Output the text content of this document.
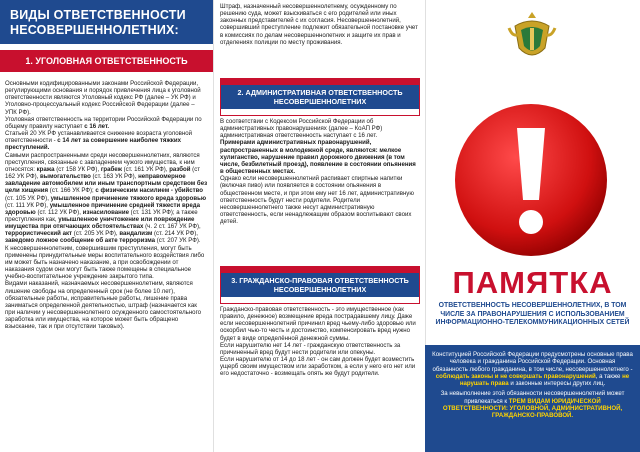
ВИДЫ ОТВЕТСТВЕННОСТИ
НЕСОВЕРШЕННОЛЕТНИХ:
1. УГОЛОВНАЯ ОТВЕТСТВЕННОСТЬ

Основными кодифицированными законами Российской Федерации, регулирующими основания и порядок привлечения лица к уголовной ответственности являются Уголовный кодекс РФ (далее – УК РФ) и Уголовно-процессуальный кодекс Российской Федерации (далее – УПК РФ).

Уголовная ответственность на территории Российской Федерации по общему правилу наступает с 16 лет.

Статьей 20 УК РФ устанавливается снижение возраста уголовной ответственности - с 14 лет за совершение наиболее тяжких преступлений.

Самыми распространенными среди несовершеннолетних, являются преступления, связанные с завладением чужого имущества, к ним относятся: кража (ст 158 УК РФ), грабеж (ст. 161 УК РФ), разбой (ст 162 УК РФ), вымогательство (ст. 163 УК РФ), неправомерное завладение автомобилем или иным транспортным средством без цели хищения (ст. 166 УК РФ); с физическим насилием - убийство (ст. 105 УК РФ), умышленное причинение тяжкого вреда здоровью (ст. 111 УК РФ), умышленное причинение средней тяжести вреда здоровью (ст. 112 УК РФ), изнасилование (ст. 131 УК РФ); а также преступления как, умышленное уничтожение или повреждение имущества при отягчающих обстоятельствах (ч. 2 ст. 167 УК РФ), террористический акт (ст. 205 УК РФ), вандализм (ст. 214 УК РФ), заведомо ложное сообщение об акте терроризма (ст. 207 УК РФ).

К несовершеннолетним, совершившим преступления, могут быть применены принудительные меры воспитательного воздействия либо им может быть назначено наказание, а при освобождении от наказания судом они могут быть также помещены в специальное учебно-воспитательное учреждение закрытого типа.

Видами наказаний, назначаемых несовершеннолетним, являются лишение свободы на определенный срок (не более 10 лет), обязательные работы, исправительные работы, лишение права заниматься определенной деятельностью, штраф (назначается как при наличии у несовершеннолетнего осужденного самостоятельного заработка или имущества, на которое может быть обращено взыскание, так и при отсутствии таковых).

Штраф, назначенный несовершеннолетнему, осужденному по решению суда, может взыскиваться с его родителей или иных законных представителей с их согласия. Несовершеннолетний, совершивший преступление подлежит обязательной постановке учет в комиссиях по делам несовершеннолетних и защите их прав и отделениях полиции по месту проживания.
2. АДМИНИСТРАТИВНАЯ ОТВЕТСТВЕННОСТЬ НЕСОВЕРШЕННОЛЕТНИХ

В соответствии с Кодексом Российской Федерации об административных правонарушениях (далее – КоАП РФ) административная ответственность наступает с 16 лет.

Примерами административных правонарушений, распространенных в молодежной среде, являются: мелкое хулиганство, нарушение правил дорожного движения (в том числе, безбилетный проезд), появление в состоянии опьянения в общественных местах.

Однако если несовершеннолетний распивает спиртные напитки (включая пиво) или появляется в состоянии опьянения в общественном месте, и при этом ему нет 16 лет, административную ответственность будут нести родители. Родители несовершеннолетнего также несут административную ответственность, если ненадлежащим образом воспитывают своих детей.

3. ГРАЖДАНСКО-ПРАВОВАЯ ОТВЕТСТВЕННОСТЬ НЕСОВЕРШЕННОЛЕТНИХ

Гражданско-правовая ответственность - это имущественное (как правило, денежное) возмещение вреда пострадавшему лицу. Даже если несовершеннолетний причинил вред чьему-либо здоровью или оскорбил чью-то честь и достоинство, компенсировать вред нужно будет в виде определённой денежной суммы.

Если нарушителю нет 14 лет - гражданскую ответственность за причиненный вред будут нести родители или опекуны.

Если нарушителю от 14 до 18 лет - он сам должен будет возместить ущерб своим имуществом или заработком, а если у него его нет или его недостаточно - возмещать опять же будут родители.

ПАМЯТКА
ОТВЕТСТВЕННОСТЬ НЕСОВЕРШЕННОЛЕТНИХ, В ТОМ ЧИСЛЕ ЗА ПРАВОНАРУШЕНИЯ С ИСПОЛЬЗОВАНИЕМ ИНФОРМАЦИОННО-ТЕЛЕКОММУНИКАЦИОННЫХ СЕТЕЙ

Конституцией Российской Федерации предусмотрены основные права человека и гражданина Российской Федерации. Основная обязанность любого гражданина, в том числе, несовершеннолетнего - соблюдать законы и не совершать правонарушений, а также не нарушать права и законные интересы других лиц.

За невыполнение этой обязанности несовершеннолетний может привлекаться к ТРЕМ ВИДАМ ЮРИДИЧЕСКОЙ ОТВЕТСТВЕННОСТИ: УГОЛОВНОЙ, АДМИНИСТРАТИВНОЙ, ГРАЖДАНСКО-ПРАВОВОЙ.
